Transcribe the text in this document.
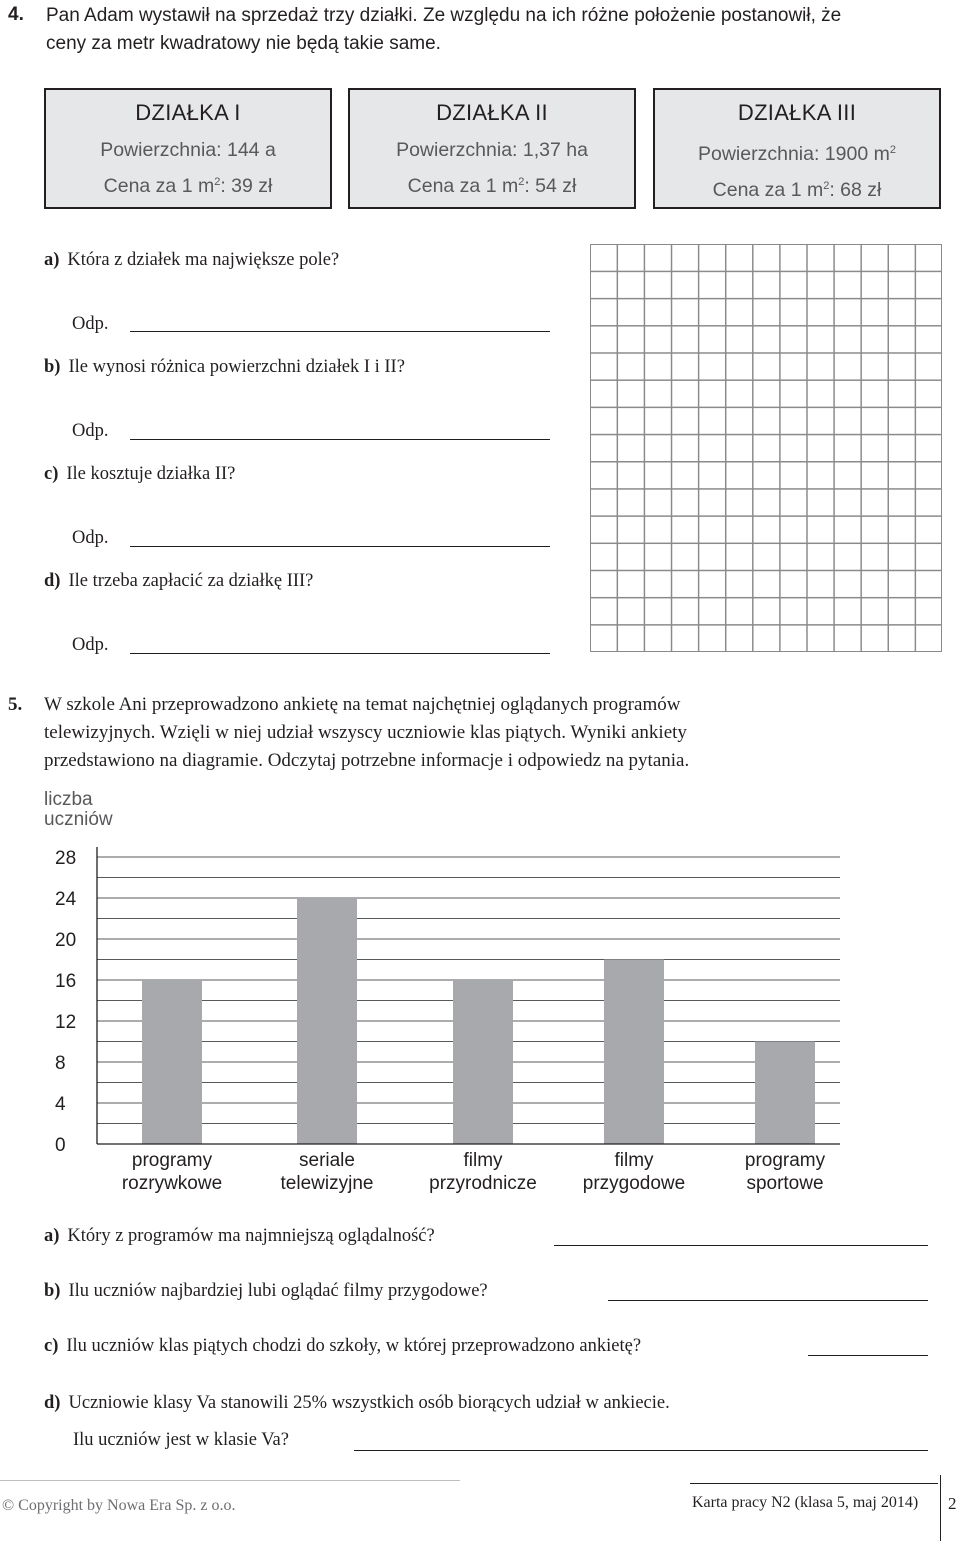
4. Pan Adam wystawił na sprzedaż trzy działki. Ze względu na ich różne położenie postanowił, że
ceny za metr kwadratowy nie będą takie same.
DZIAŁKA I
Powierzchnia: 144 a
Cena za 1 $m^2$: 39 zł
DZIAŁKA II
Powierzchnia: 1,37 ha
Cena za 1 $m^2$: 54 zł
DZIAŁKA III
Powierzchnia: 1900 $m^2$
Cena za 1 $m^2$: 68 zł
a) Która z działek ma największe pole?
Odp.
b) Ile wynosi różnica powierzchni działek I i II?
Odp.
c) Ile kosztuje działka II?
Odp.
d) Ile trzeba zapłacić za działkę III?
Odp.
5. W szkole Ani przeprowadzono ankietę na temat najchętniej oglądanych programów
telewizyjnych. Wzięli w niej udział wszyscy uczniowie klas piątych. Wyniki ankiety
przedstawiono na diagramie. Odczytaj potrzebne informacje i odpowiedz na pytania.
liczba
uczniów
0
4
8
12
16
20
24
28
programy
rozrywkowe
seriale
telewizyjne
filmy
przyrodnicze
filmy
przygodowe
programy
sportowe
a) Który z programów ma najmniejszą oglądalność?
b) Ilu uczniów najbardziej lubi oglądać filmy przygodowe?
c) Ilu uczniów klas piątych chodzi do szkoły, w której przeprowadzono ankietę?
d) Uczniowie klasy Va stanowili 25% wszystkich osób biorących udział w ankiecie.
Ilu uczniów jest w klasie Va?
© Copyright by Nowa Era Sp. z o.o.	Karta pracy N2 (klasa 5, maj 2014) 2
